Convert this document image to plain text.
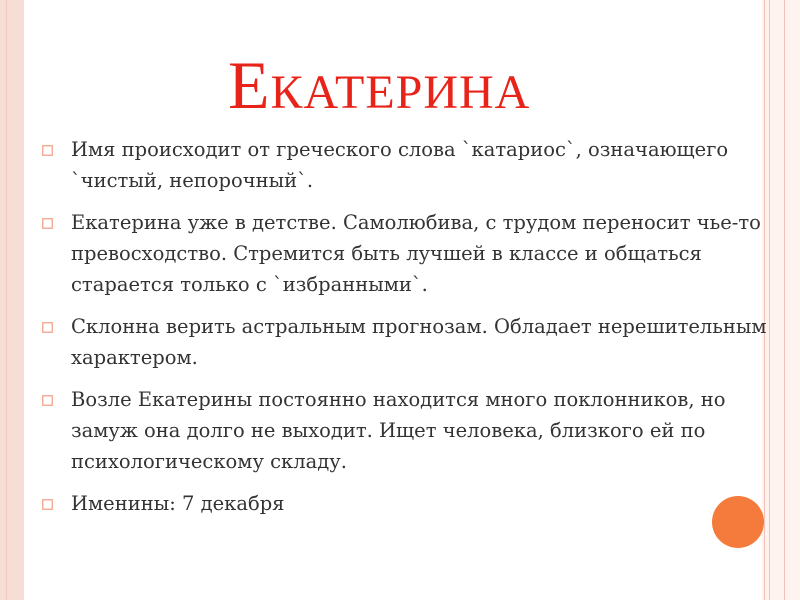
Екатерина
Имя происходит от греческого слова `катариос`, означающего `чистый, непорочный`.
Екатерина уже в детстве. Самолюбива, с трудом переносит чье-то превосходство. Стремится быть лучшей в классе и общаться старается только с `избранными`.
Склонна верить астральным прогнозам. Обладает нерешительным характером.
Возле Екатерины постоянно находится много поклонников, но замуж она долго не выходит. Ищет человека, близкого ей по психологическому складу.
Именины: 7 декабря
